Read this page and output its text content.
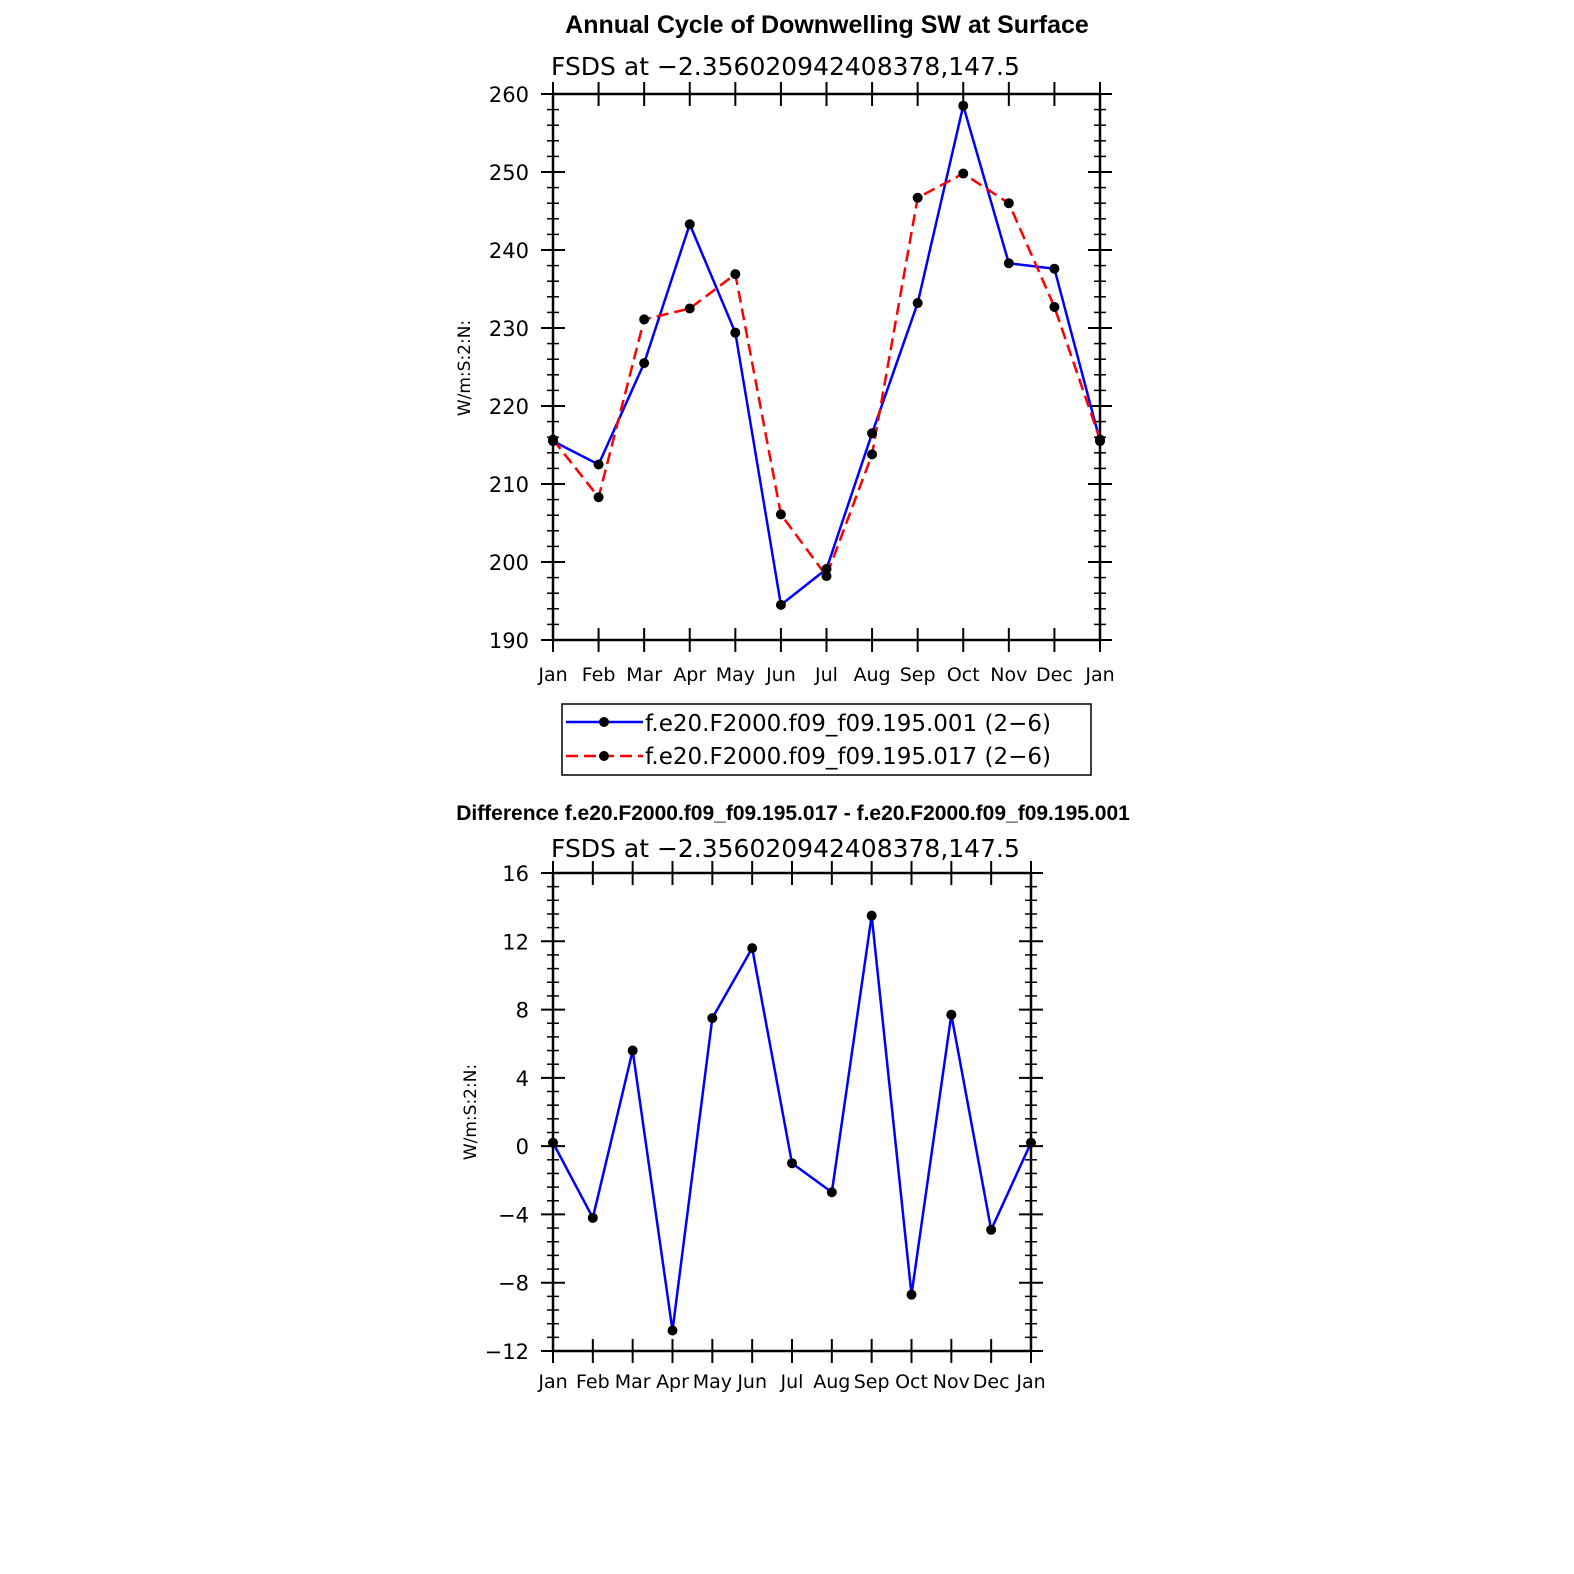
Annual Cycle of Downwelling SW at Surface
FSDS at −2.356020942408378,147.5
W/m:S:2:N:
190
200
210
220
230
240
250
260
Jan Feb Mar Apr May Jun Jul Aug Sep Oct Nov Dec Jan
f.e20.F2000.f09_f09.195.001 (2−6)
f.e20.F2000.f09_f09.195.017 (2−6)
Difference f.e20.F2000.f09_f09.195.017 - f.e20.F2000.f09_f09.195.001
FSDS at −2.356020942408378,147.5
W/m:S:2:N:
−12
−8
−4
0
4
8
12
16
Jan Feb Mar Apr May Jun Jul Aug Sep Oct Nov Dec Jan
